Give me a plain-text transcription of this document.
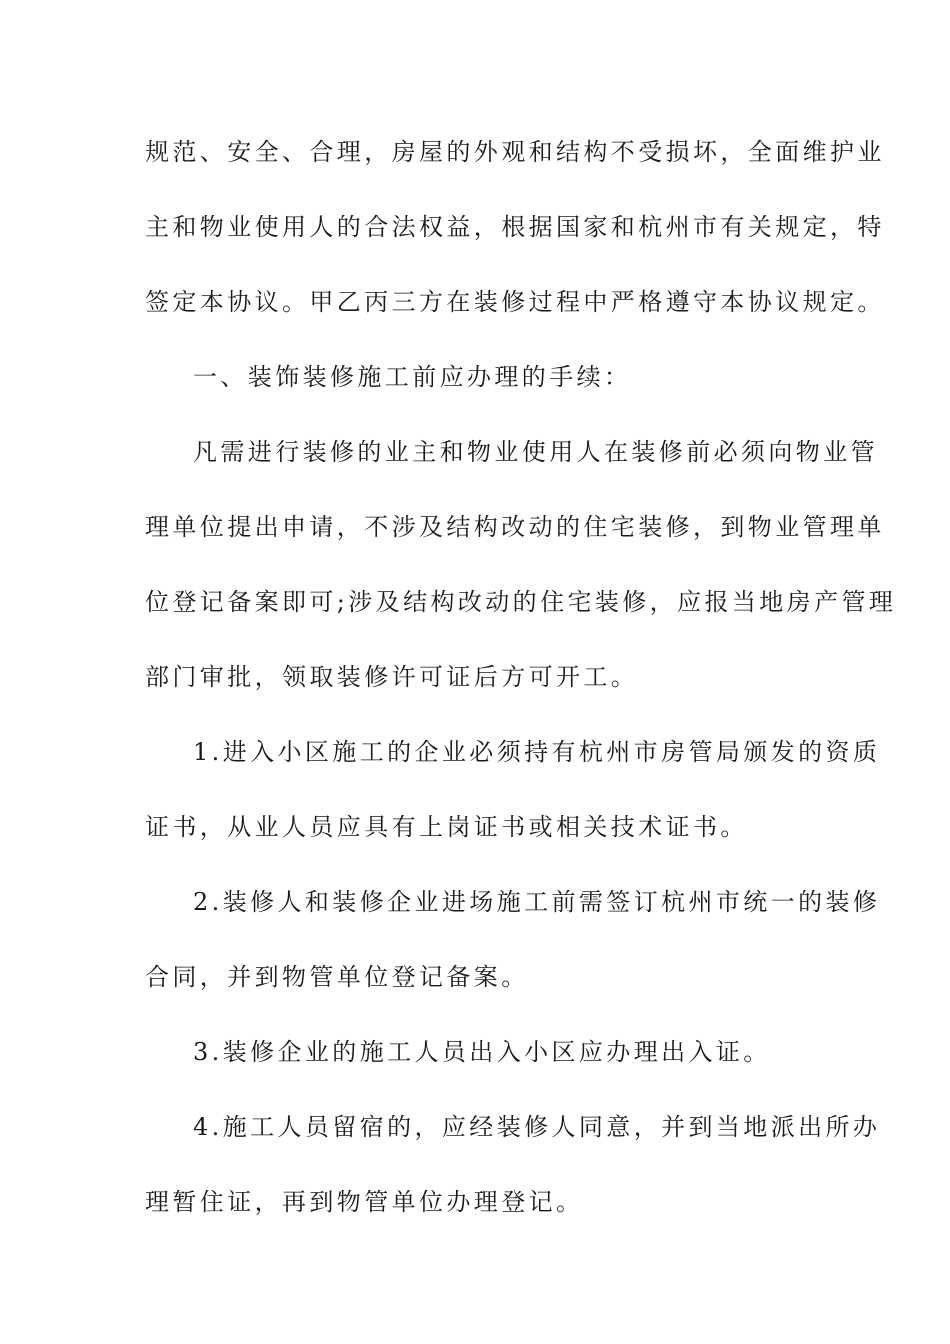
规范、安全、合理，房屋的外观和结构不受损坏，全面维护业
主和物业使用人的合法权益，根据国家和杭州市有关规定，特
签定本协议。甲乙丙三方在装修过程中严格遵守本协议规定。
一、装饰装修施工前应办理的手续：
凡需进行装修的业主和物业使用人在装修前必须向物业管
理单位提出申请，不涉及结构改动的住宅装修，到物业管理单
位登记备案即可;涉及结构改动的住宅装修，应报当地房产管理
部门审批，领取装修许可证后方可开工。
1.进入小区施工的企业必须持有杭州市房管局颁发的资质
证书，从业人员应具有上岗证书或相关技术证书。
2.装修人和装修企业进场施工前需签订杭州市统一的装修
合同，并到物管单位登记备案。
3.装修企业的施工人员出入小区应办理出入证。
4.施工人员留宿的，应经装修人同意，并到当地派出所办
理暂住证，再到物管单位办理登记。
